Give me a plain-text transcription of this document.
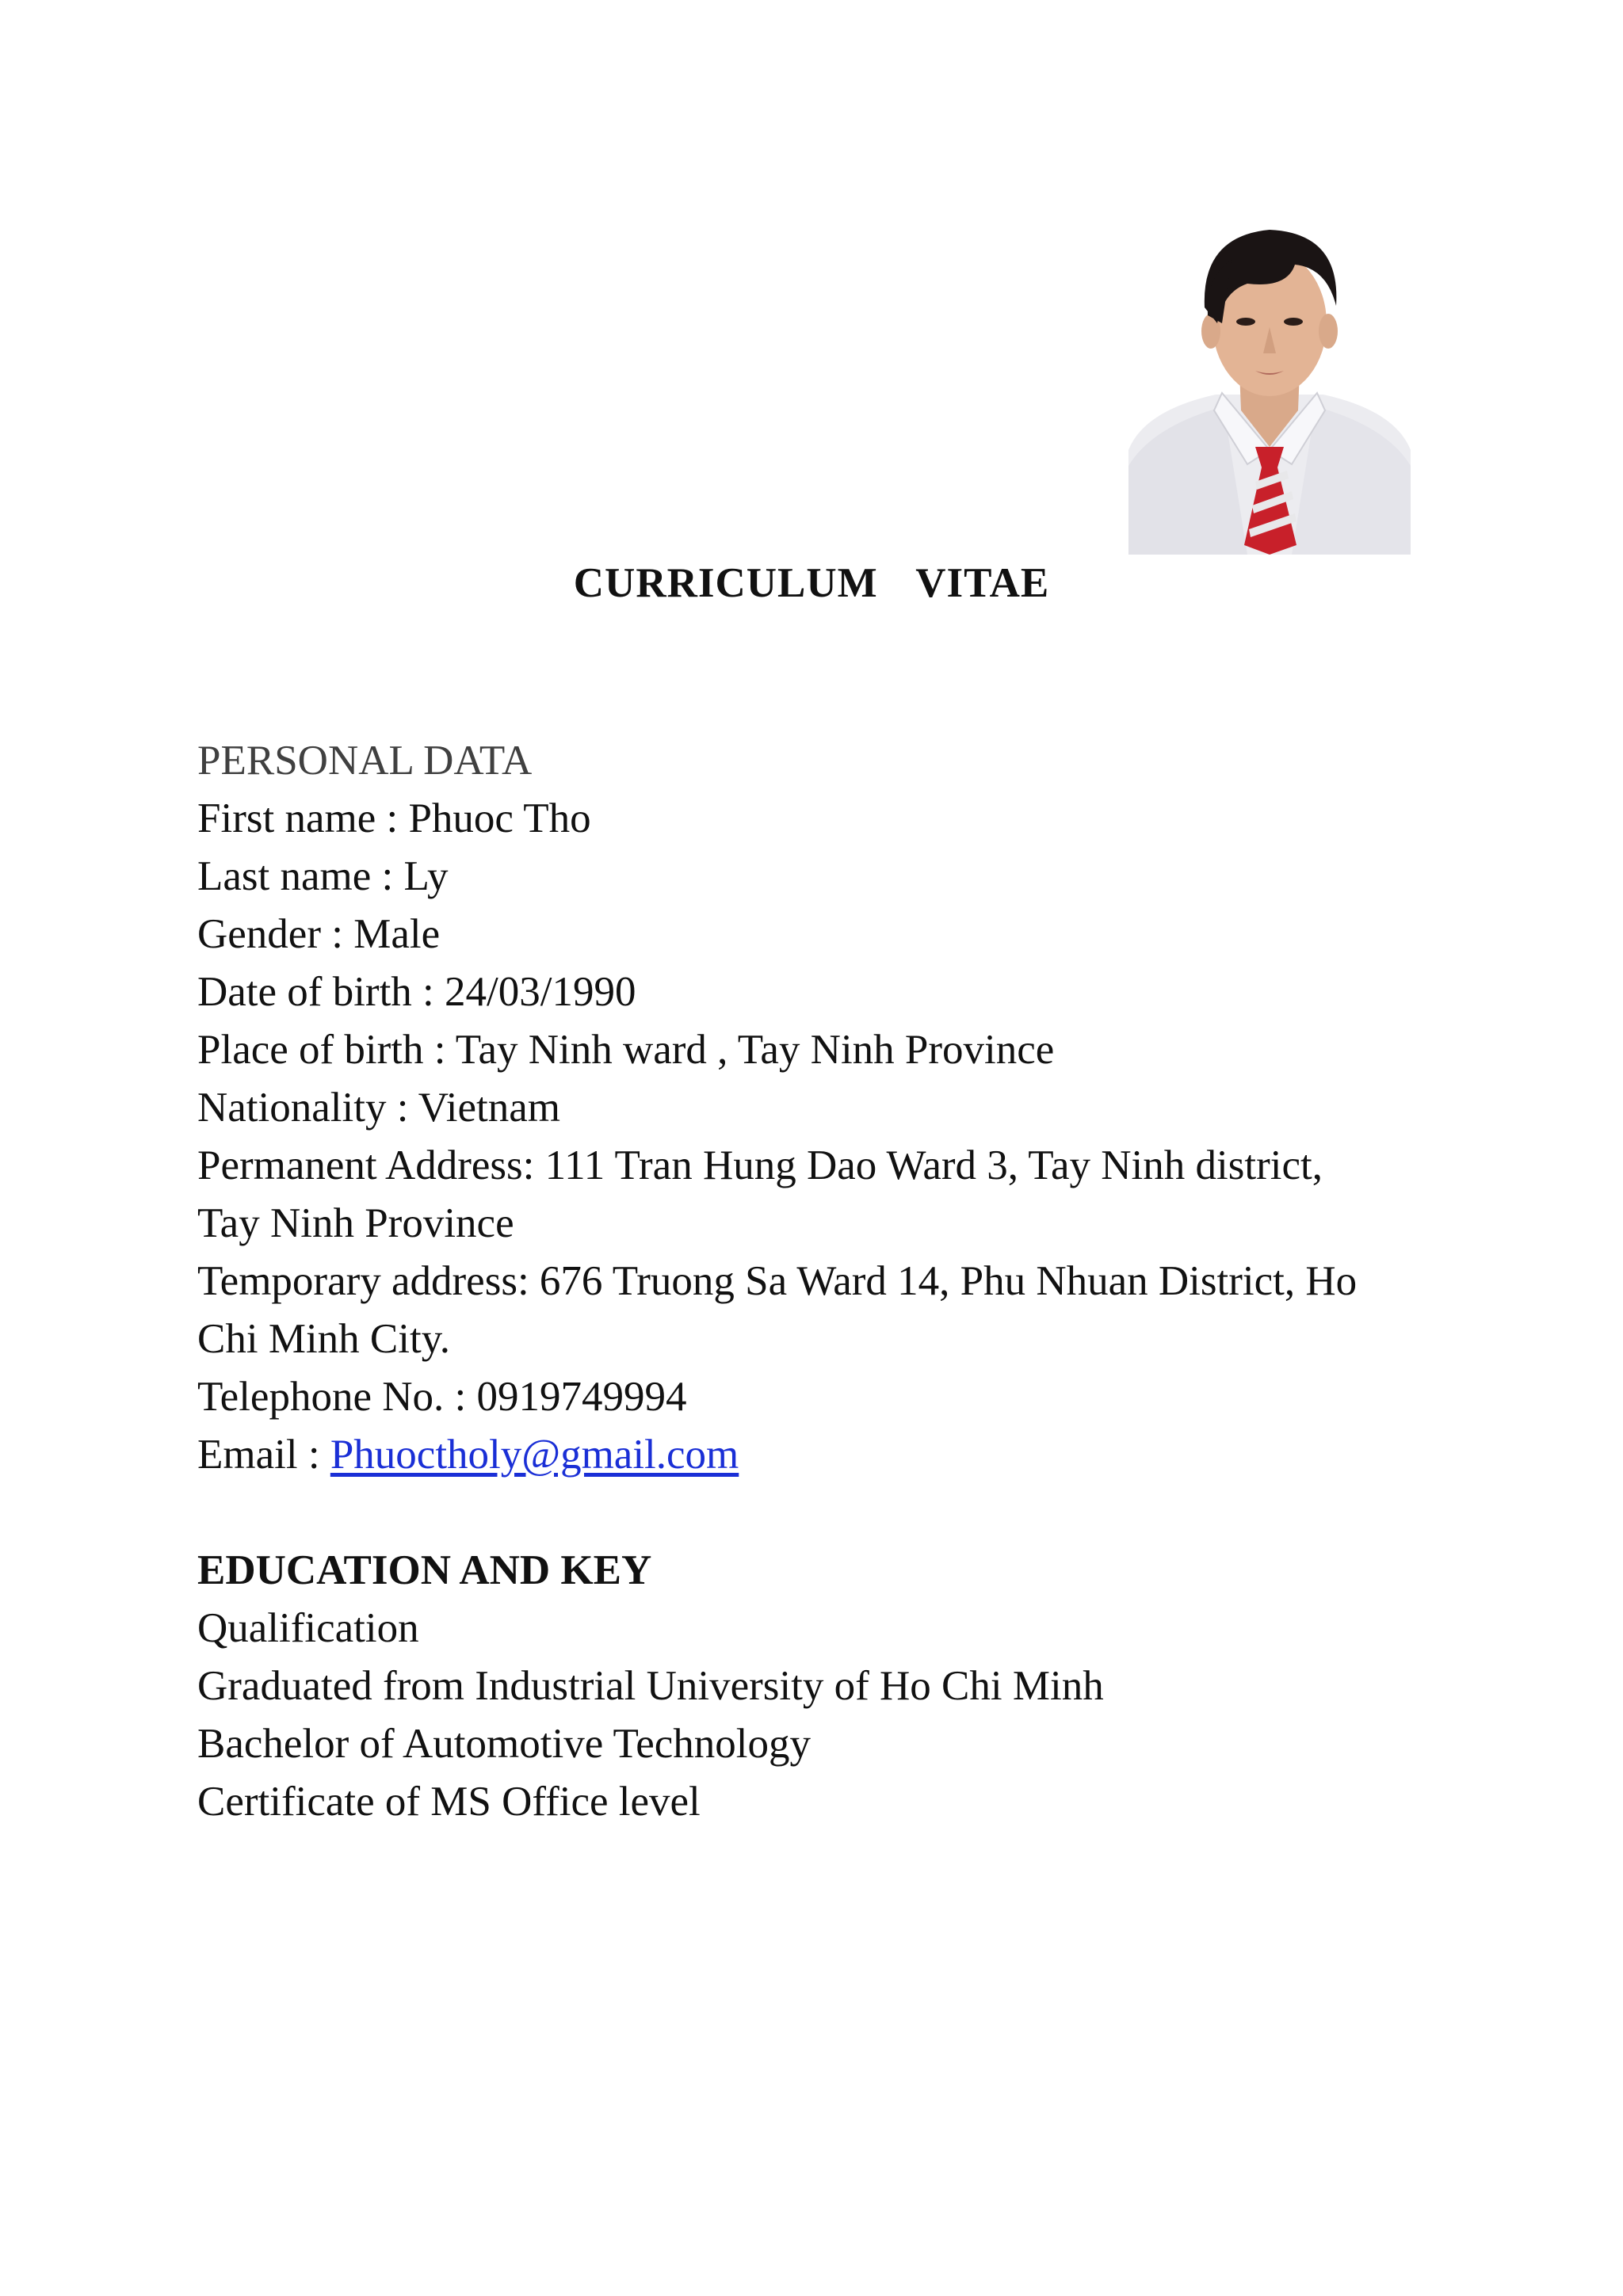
CURRICULUM  VITAE

PERSONAL DATA

First name : Phuoc Tho

Last name : Ly

Gender : Male

Date of birth : 24/03/1990

Place of birth : Tay Ninh ward , Tay Ninh Province

Nationality : Vietnam

Permanent Address: 111 Tran Hung Dao Ward 3, Tay Ninh district,

Tay Ninh Province

Temporary address: 676 Truong Sa Ward 14, Phu Nhuan District, Ho

Chi Minh City.

Telephone No. : 0919749994

Email : Phuoctholy@gmail.com

EDUCATION AND KEY

Qualification

Graduated from Industrial University of Ho Chi Minh

Bachelor of Automotive Technology

Certificate of MS Office level
